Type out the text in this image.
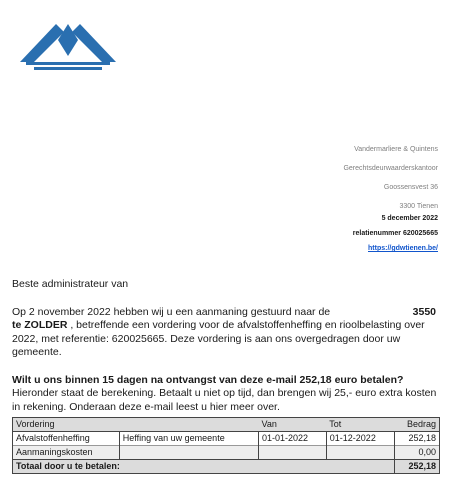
Vandermarliere & Quintens
Gerechtsdeurwaarderskantoor
Goossensvest 36
3300 Tienen
5 december 2022
relatienummer 620025665
https://gdwtienen.be/

Beste administrateur van

Op 2 november 2022 hebben wij u een aanmaning gestuurd naar de	3550

te ZOLDER , betreffende een vordering voor de afvalstoffenheffing en rioolbelasting over 2022, met referentie: 620025665. Deze vordering is aan ons overgedragen door uw gemeente.

Wilt u ons binnen 15 dagen na ontvangst van deze e-mail 252,18 euro betalen?

Hieronder staat de berekening. Betaalt u niet op tijd, dan brengen wij 25,- euro extra kosten in rekening. Onderaan deze e-mail leest u hier meer over.

Vordering		Van	Tot	Bedrag
Afvalstoffenheffing	Heffing van uw gemeente	01-01-2022	01-12-2022	252,18
Aanmaningskosten				0,00
Totaal door u te betalen:				252,18
